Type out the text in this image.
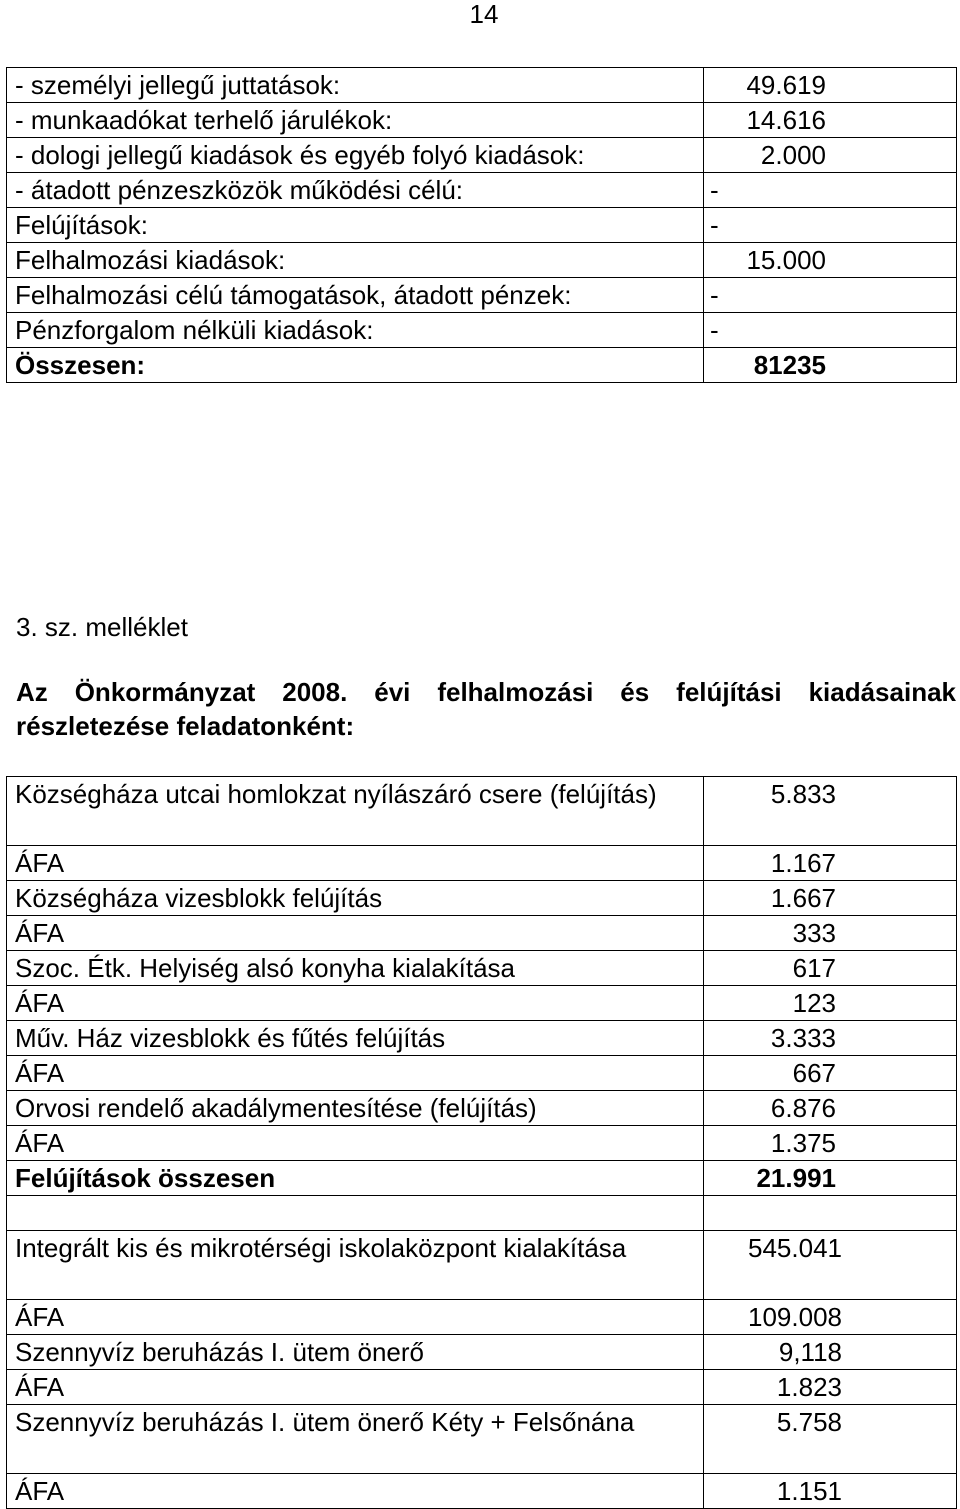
14
- személyi jellegű juttatások:	49.619
- munkaadókat terhelő járulékok:	14.616
- dologi jellegű kiadások és egyéb folyó kiadások:	2.000
- átadott pénzeszközök működési célú:	-
Felújítások:	-
Felhalmozási kiadások:	15.000
Felhalmozási célú támogatások, átadott pénzek:	-
Pénzforgalom nélküli kiadások:	-
Összesen:	81235
3. sz. melléklet
Az Önkormányzat 2008. évi felhalmozási és felújítási kiadásainak részletezése feladatonként:
Községháza utcai homlokzat nyílászáró csere (felújítás)	5.833

ÁFA	1.167

Községháza vizesblokk felújítás	1.667

ÁFA	333

Szoc. Étk. Helyiség alsó konyha kialakítása	617

ÁFA	123

Műv. Ház vizesblokk és fűtés felújítás	3.333

ÁFA	667

Orvosi rendelő akadálymentesítése (felújítás)	6.876

ÁFA	1.375

Felújítások összesen	21.991

Integrált kis és mikrotérségi iskolaközpont kialakítása	545.041

ÁFA	109.008

Szennyvíz beruházás I. ütem önerő	9,118

ÁFA	1.823

Szennyvíz beruházás I. ütem önerő Kéty + Felsőnána	5.758

ÁFA	1.151
